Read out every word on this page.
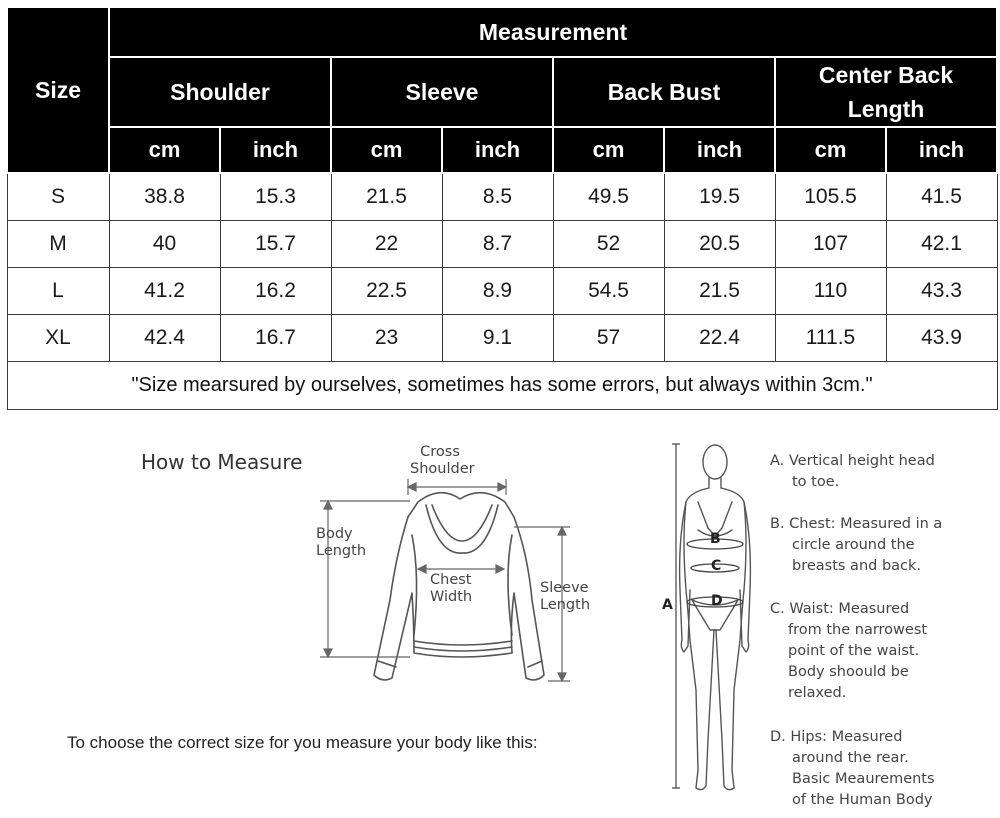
Size	Measurement							
	Shoulder		Sleeve		Back Bust		Center Back Length	
	cm	inch	cm	inch	cm	inch	cm	inch
S	38.8	15.3	21.5	8.5	49.5	19.5	105.5	41.5
M	40	15.7	22	8.7	52	20.5	107	42.1
L	41.2	16.2	22.5	8.9	54.5	21.5	110	43.3
XL	42.4	16.7	23	9.1	57	22.4	111.5	43.9
"Size mearsured by ourselves, sometimes has some errors, but always within 3cm."								
How to Measure
To choose the correct size for you measure your body like this:
Cross
Shoulder
Body
Length
Chest
Width
Sleeve
Length	A
B
C
D
A. Vertical height head
to toe.
B. Chest: Measured in a
circle around the
breasts and back.
C. Waist: Measured
from the narrowest
point of the waist.
Body shoould be
relaxed.
D. Hips: Measured
around the rear.
Basic Meaurements
of the Human Body
